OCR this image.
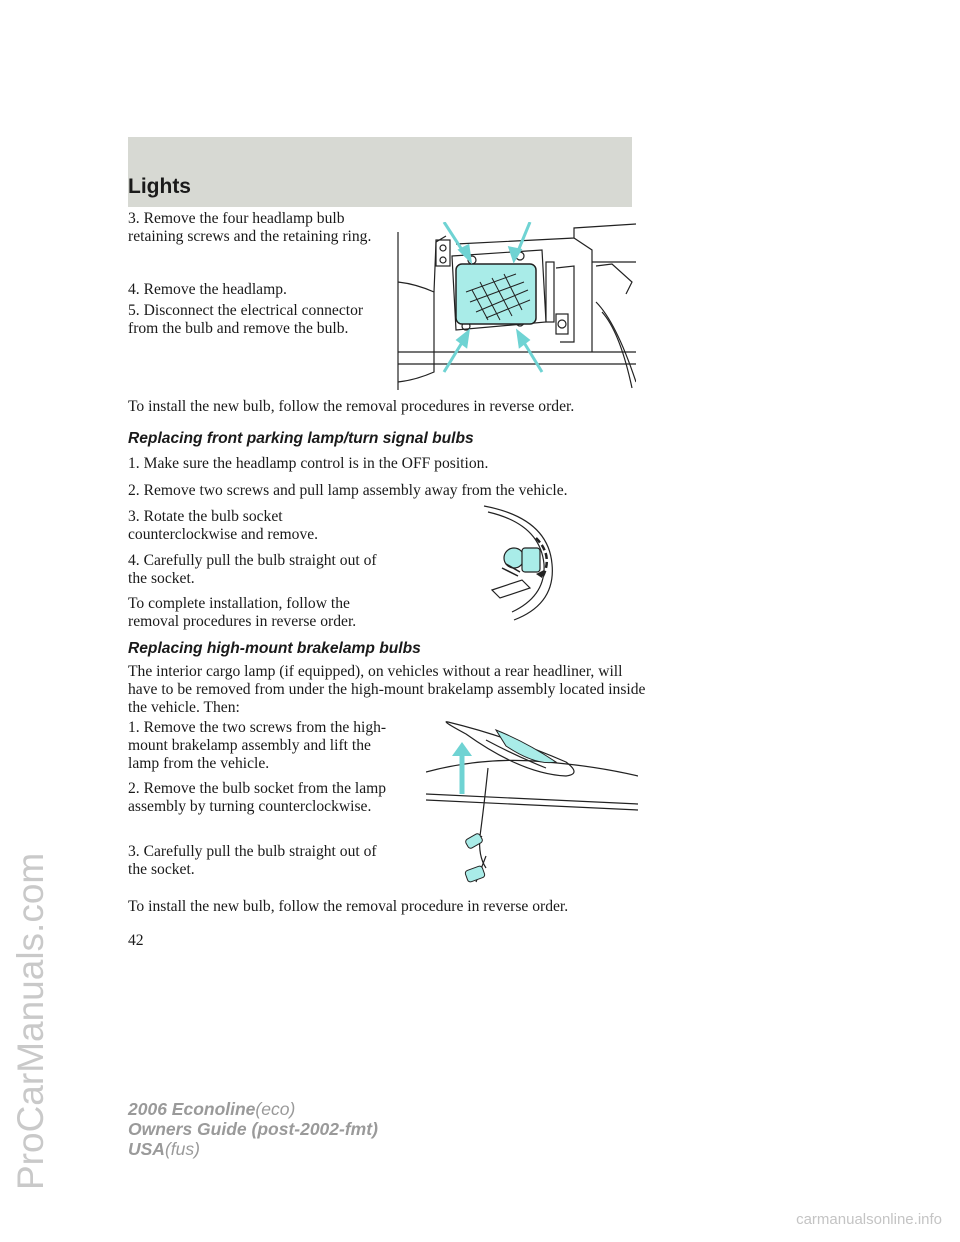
Lights

3. Remove the four headlamp bulb retaining screws and the retaining ring.

4. Remove the headlamp.

5. Disconnect the electrical connector from the bulb and remove the bulb.

To install the new bulb, follow the removal procedures in reverse order.

Replacing front parking lamp/turn signal bulbs

1. Make sure the headlamp control is in the OFF position.

2. Remove two screws and pull lamp assembly away from the vehicle.

3. Rotate the bulb socket counterclockwise and remove.

4. Carefully pull the bulb straight out of the socket.

To complete installation, follow the removal procedures in reverse order.

Replacing high-mount brakelamp bulbs

The interior cargo lamp (if equipped), on vehicles without a rear headliner, will have to be removed from under the high-mount brakelamp assembly located inside the vehicle. Then:

1. Remove the two screws from the high-mount brakelamp assembly and lift the lamp from the vehicle.

2. Remove the bulb socket from the lamp assembly by turning counterclockwise.

3. Carefully pull the bulb straight out of the socket.

To install the new bulb, follow the removal procedure in reverse order.

42
2006 Econoline(eco)
Owners Guide (post-2002-fmt)
USA(fus)
ProCarManuals.com
carmanualsonline.info
